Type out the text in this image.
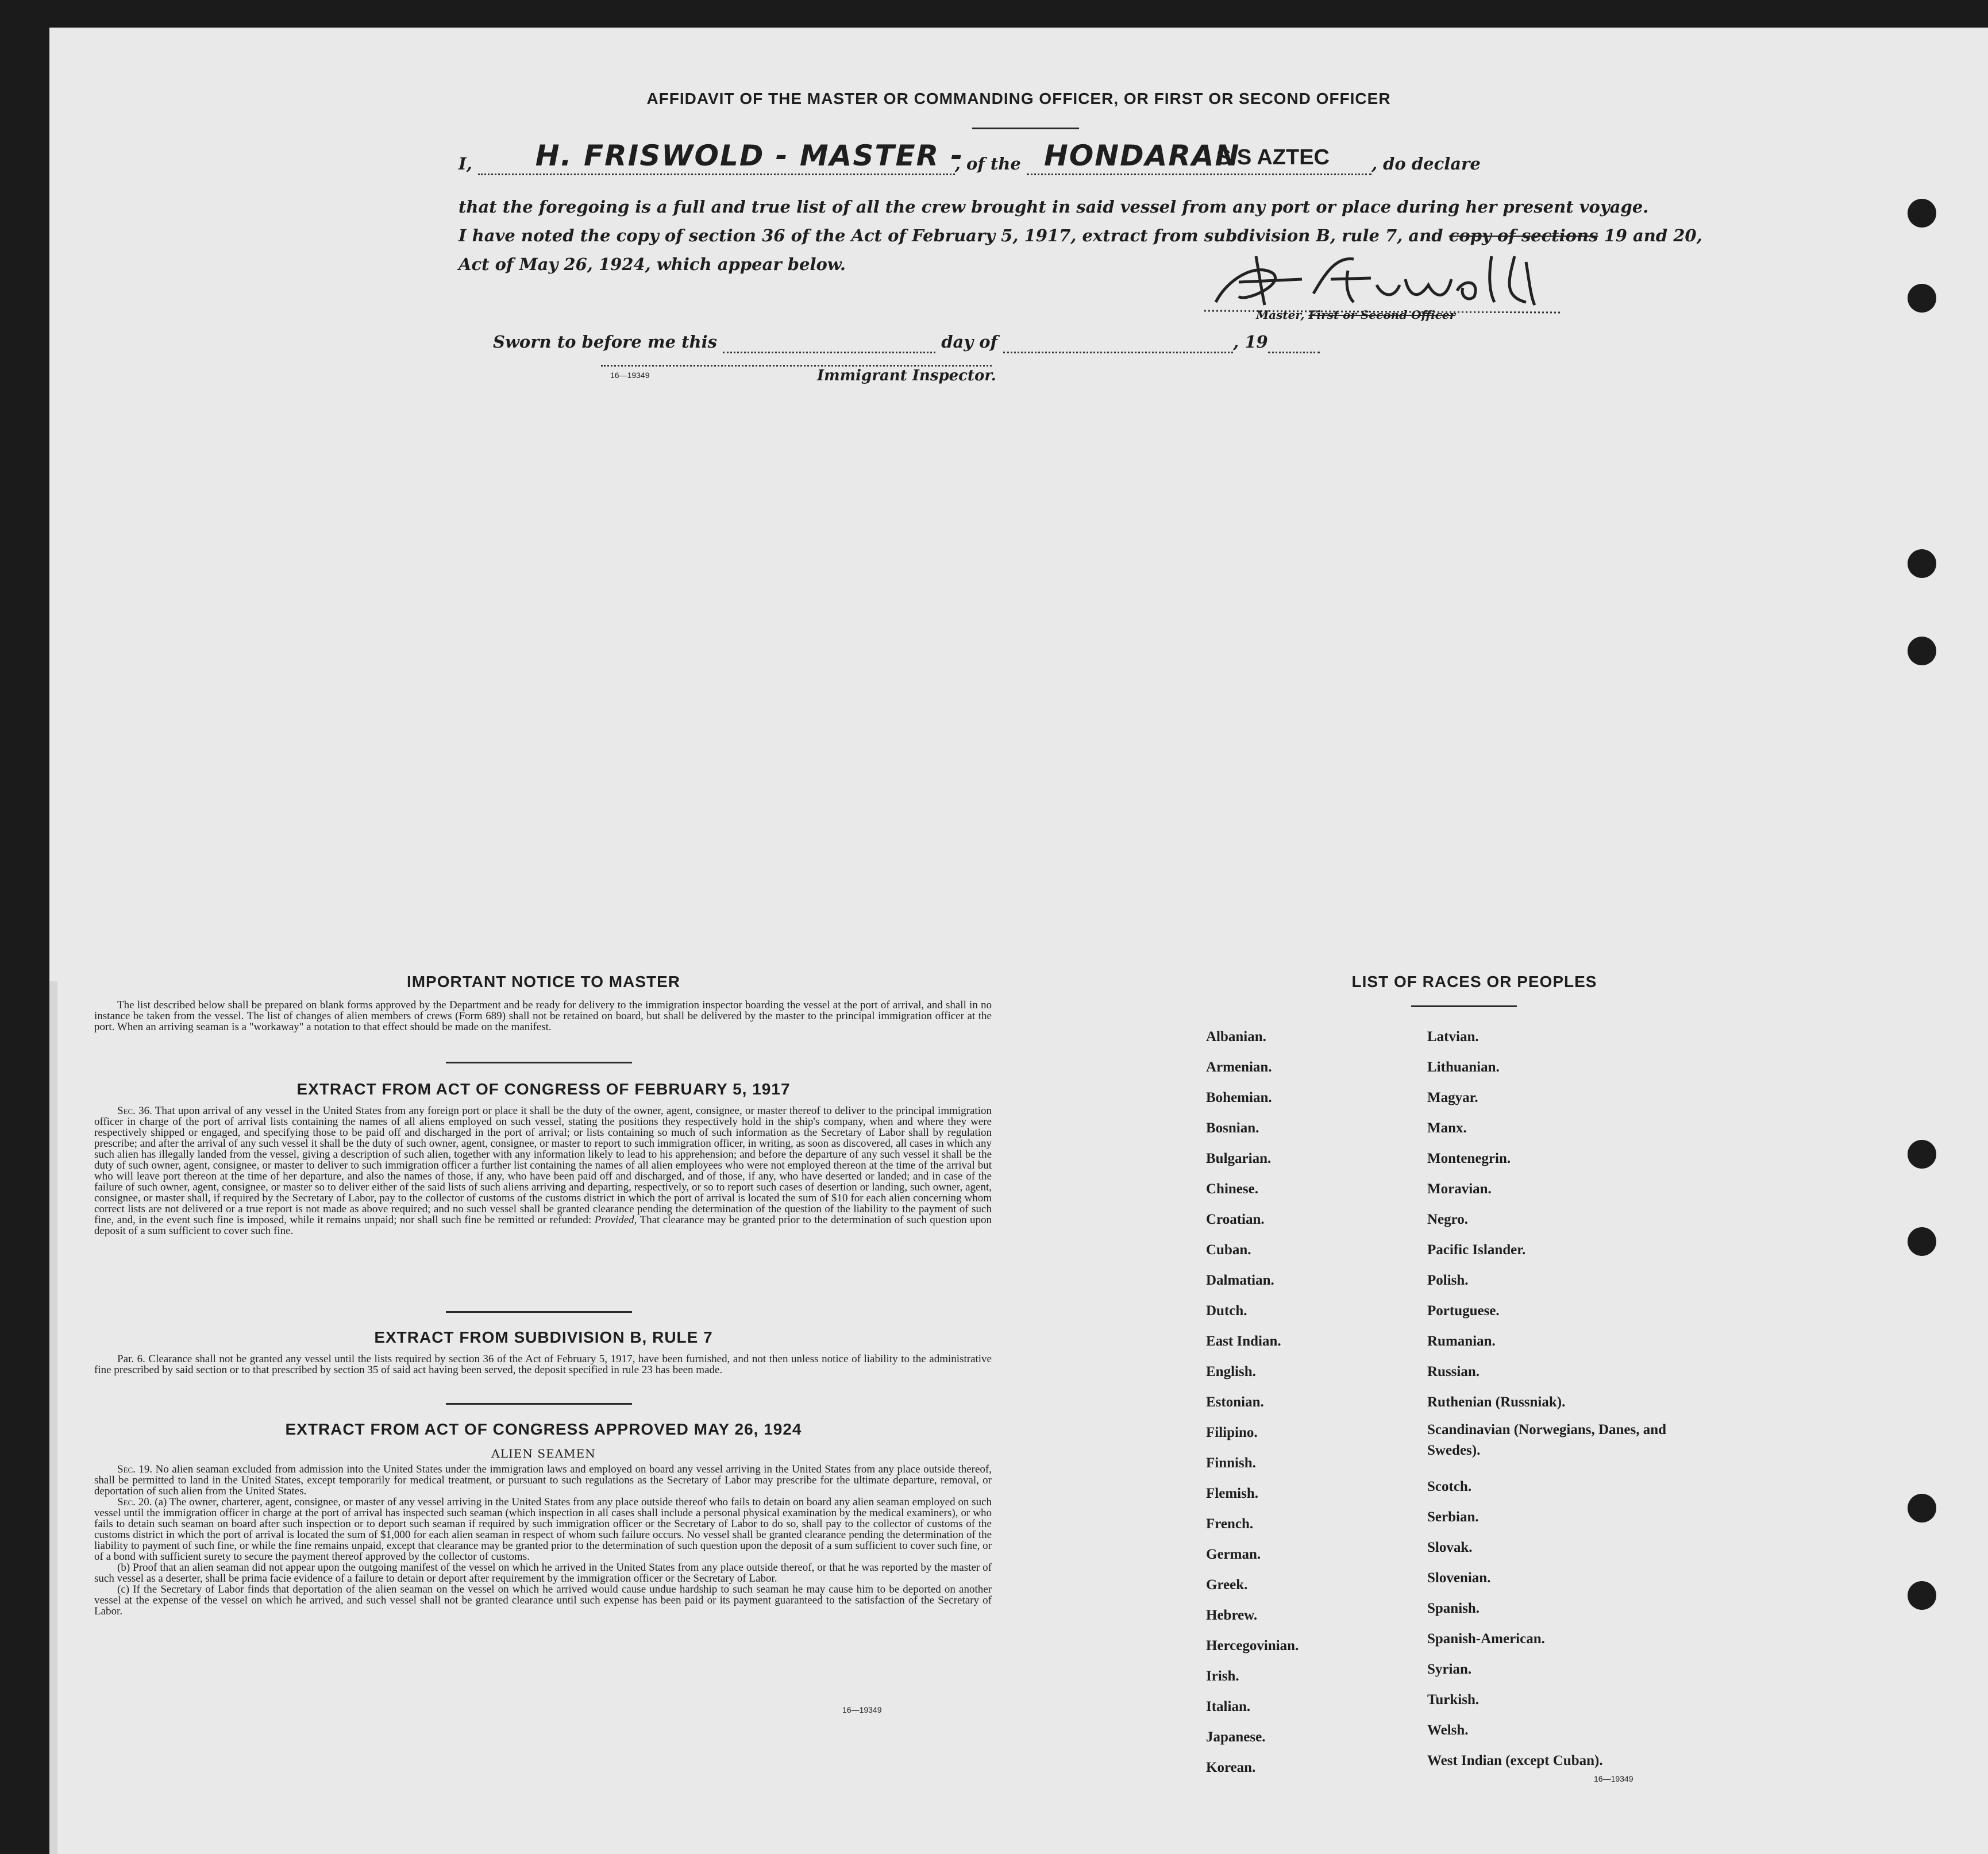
AFFIDAVIT OF THE MASTER OR COMMANDING OFFICER, OR FIRST OR SECOND OFFICER
I, H. FRISWOLD - MASTER -
, of the HONDARAN
S S AZTEC	, do declare
that the foregoing is a full and true list of all the crew brought in said vessel from any port or place during her present voyage.
I have noted the copy of section 36 of the Act of February 5, 1917, extract from subdivision B, rule 7, and copy of sections 19 and 20,
Act of May 26, 1924, which appear below.
Master, First or Second Officer
Sworn to before me this	day of	, 19
16—19349	Immigrant Inspector.
IMPORTANT NOTICE TO MASTER

The list described below shall be prepared on blank forms approved by the Department and be ready for delivery to the immigration inspector boarding the vessel at the port of arrival, and shall in no instance be taken from the vessel. The list of changes of alien members of crews (Form 689) shall not be retained on board, but shall be delivered by the master to the principal immigration officer at the port. When an arriving seaman is a "workaway" a notation to that effect should be made on the manifest.

EXTRACT FROM ACT OF CONGRESS OF FEBRUARY 5, 1917

Sec. 36. That upon arrival of any vessel in the United States from any foreign port or place it shall be the duty of the owner, agent, consignee, or master thereof to deliver to the principal immigration officer in charge of the port of arrival lists containing the names of all aliens employed on such vessel, stating the positions they respectively hold in the ship's company, when and where they were respectively shipped or engaged, and specifying those to be paid off and discharged in the port of arrival; or lists containing so much of such information as the Secretary of Labor shall by regulation prescribe; and after the arrival of any such vessel it shall be the duty of such owner, agent, consignee, or master to report to such immigration officer, in writing, as soon as discovered, all cases in which any such alien has illegally landed from the vessel, giving a description of such alien, together with any information likely to lead to his apprehension; and before the departure of any such vessel it shall be the duty of such owner, agent, consignee, or master to deliver to such immigration officer a further list containing the names of all alien employees who were not employed thereon at the time of the arrival but who will leave port thereon at the time of her departure, and also the names of those, if any, who have been paid off and discharged, and of those, if any, who have deserted or landed; and in case of the failure of such owner, agent, consignee, or master so to deliver either of the said lists of such aliens arriving and departing, respectively, or so to report such cases of desertion or landing, such owner, agent, consignee, or master shall, if required by the Secretary of Labor, pay to the collector of customs of the customs district in which the port of arrival is located the sum of $10 for each alien concerning whom correct lists are not delivered or a true report is not made as above required; and no such vessel shall be granted clearance pending the determination of the question of the liability to the payment of such fine, and, in the event such fine is imposed, while it remains unpaid; nor shall such fine be remitted or refunded: Provided, That clearance may be granted prior to the determination of such question upon deposit of a sum sufficient to cover such fine.

EXTRACT FROM SUBDIVISION B, RULE 7

Par. 6. Clearance shall not be granted any vessel until the lists required by section 36 of the Act of February 5, 1917, have been furnished, and not then unless notice of liability to the administrative fine prescribed by said section or to that prescribed by section 35 of said act having been served, the deposit specified in rule 23 has been made.

EXTRACT FROM ACT OF CONGRESS APPROVED MAY 26, 1924
ALIEN SEAMEN

Sec. 19. No alien seaman excluded from admission into the United States under the immigration laws and employed on board any vessel arriving in the United States from any place outside thereof, shall be permitted to land in the United States, except temporarily for medical treatment, or pursuant to such regulations as the Secretary of Labor may prescribe for the ultimate departure, removal, or deportation of such alien from the United States.

Sec. 20. (a) The owner, charterer, agent, consignee, or master of any vessel arriving in the United States from any place outside thereof who fails to detain on board any alien seaman employed on such vessel until the immigration officer in charge at the port of arrival has inspected such seaman (which inspection in all cases shall include a personal physical examination by the medical examiners), or who fails to detain such seaman on board after such inspection or to deport such seaman if required by such immigration officer or the Secretary of Labor to do so, shall pay to the collector of customs of the customs district in which the port of arrival is located the sum of $1,000 for each alien seaman in respect of whom such failure occurs. No vessel shall be granted clearance pending the determination of the liability to payment of such fine, or while the fine remains unpaid, except that clearance may be granted prior to the determination of such question upon the deposit of a sum sufficient to cover such fine, or of a bond with sufficient surety to secure the payment thereof approved by the collector of customs.

(b) Proof that an alien seaman did not appear upon the outgoing manifest of the vessel on which he arrived in the United States from any place outside thereof, or that he was reported by the master of such vessel as a deserter, shall be prima facie evidence of a failure to detain or deport after requirement by the immigration officer or the Secretary of Labor.

(c) If the Secretary of Labor finds that deportation of the alien seaman on the vessel on which he arrived would cause undue hardship to such seaman he may cause him to be deported on another vessel at the expense of the vessel on which he arrived, and such vessel shall not be granted clearance until such expense has been paid or its payment guaranteed to the satisfaction of the Secretary of Labor.

16—19349
LIST OF RACES OR PEOPLES
Albanian.
Armenian.
Bohemian.
Bosnian.
Bulgarian.
Chinese.
Croatian.
Cuban.
Dalmatian.
Dutch.
East Indian.
English.
Estonian.
Filipino.
Finnish.
Flemish.
French.
German.
Greek.
Hebrew.
Hercegovinian.
Irish.
Italian.
Japanese.
Korean.
Latvian.
Lithuanian.
Magyar.
Manx.
Montenegrin.
Moravian.
Negro.
Pacific Islander.
Polish.
Portuguese.
Rumanian.
Russian.
Ruthenian (Russniak).
Scandinavian (Norwegians, Danes, and Swedes).
Scotch.
Serbian.
Slovak.
Slovenian.
Spanish.
Spanish-American.
Syrian.
Turkish.
Welsh.
West Indian (except Cuban).
16—19349
